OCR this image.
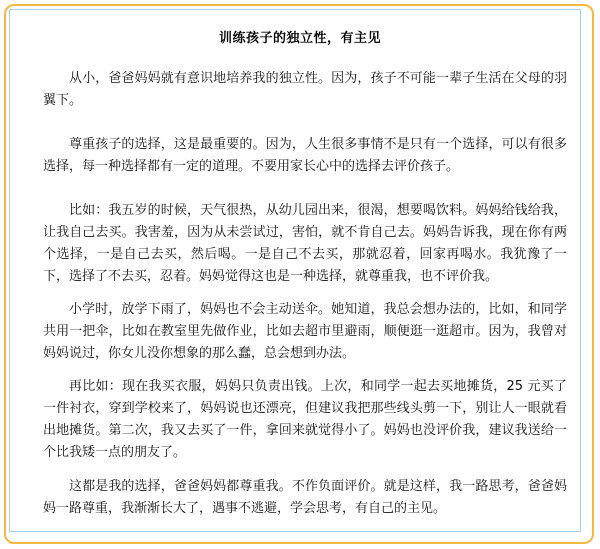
训练孩子的独立性，有主见

从小，爸爸妈妈就有意识地培养我的独立性。因为，孩子不可能一辈子生活在父母的羽翼下。

尊重孩子的选择，这是最重要的。因为，人生很多事情不是只有一个选择，可以有很多选择，每一种选择都有一定的道理。不要用家长心中的选择去评价孩子。

比如：我五岁的时候，天气很热，从幼儿园出来，很渴，想要喝饮料。妈妈给钱给我，让我自己去买。我害羞，因为从未尝试过，害怕，就不肯自己去。妈妈告诉我，现在你有两个选择，一是自己去买，然后喝。一是自己不去买，那就忍着，回家再喝水。我犹豫了一下，选择了不去买，忍着。妈妈觉得这也是一种选择，就尊重我，也不评价我。

小学时，放学下雨了，妈妈也不会主动送伞。她知道，我总会想办法的，比如，和同学共用一把伞，比如在教室里先做作业，比如去超市里避雨，顺便逛一逛超市。因为，我曾对妈妈说过，你女儿没你想象的那么蠢，总会想到办法。

再比如：现在我买衣服，妈妈只负责出钱。上次，和同学一起去买地摊货，25 元买了一件衬衣，穿到学校来了，妈妈说也还漂亮，但建议我把那些线头剪一下，别让人一眼就看出地摊货。第二次，我又去买了一件，拿回来就觉得小了。妈妈也没评价我，建议我送给一个比我矮一点的朋友了。

这都是我的选择，爸爸妈妈都尊重我。不作负面评价。就是这样，我一路思考，爸爸妈妈一路尊重，我渐渐长大了，遇事不逃避，学会思考，有自己的主见。
